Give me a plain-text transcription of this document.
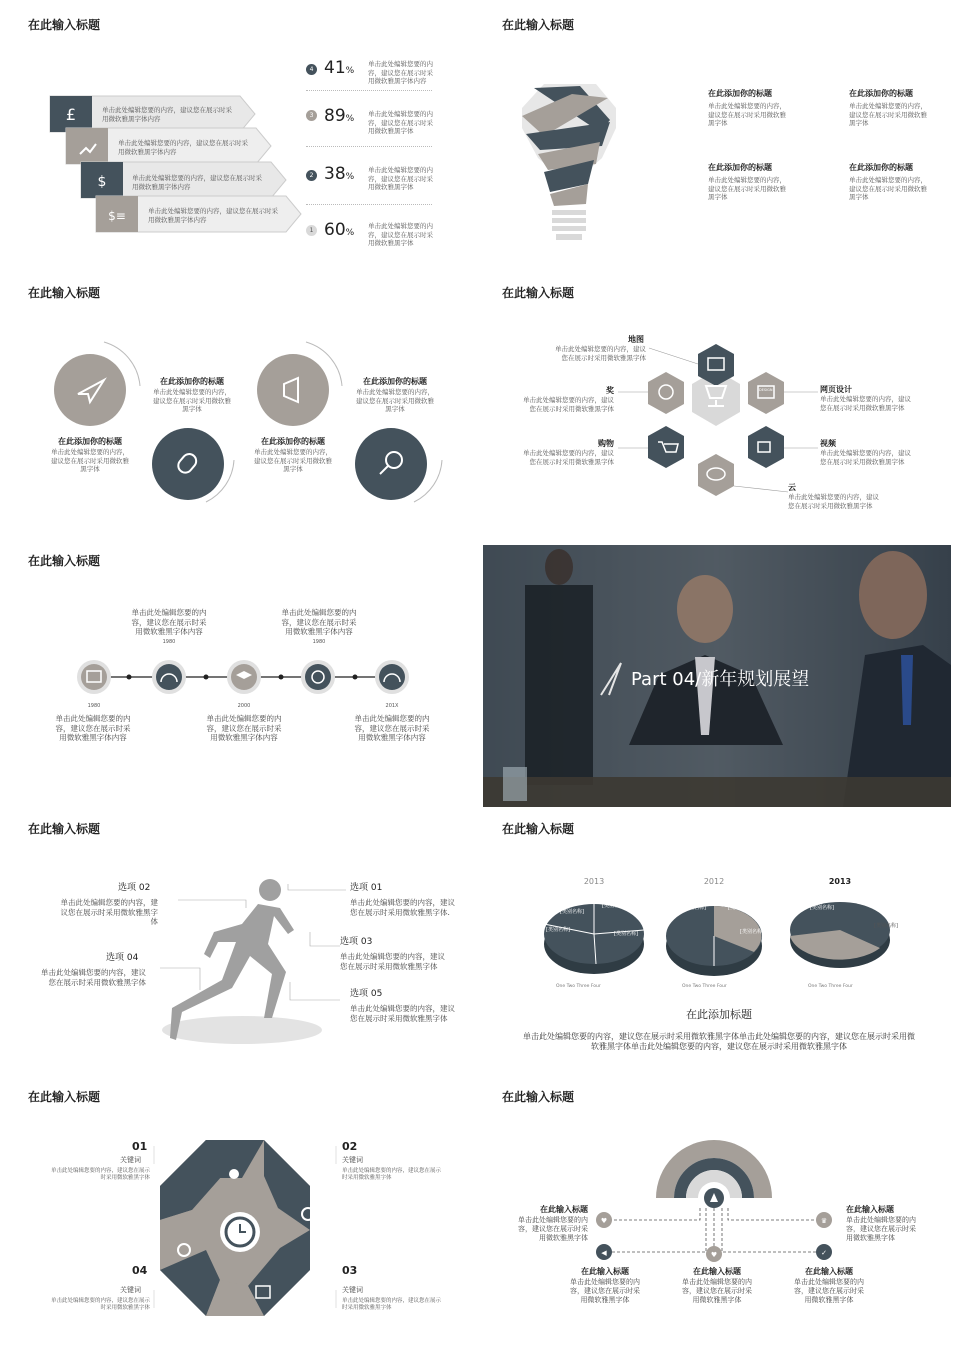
在此输入标题
£
$
$≡
单击此处编辑您要的内容，建议您在展示时采用微软雅黑字体内容
单击此处编辑您要的内容，建议您在展示时采用微软雅黑字体内容
单击此处编辑您要的内容，建议您在展示时采用微软雅黑字体内容
单击此处编辑您要的内容，建议您在展示时采用微软雅黑字体内容
4 41%
单击此处编辑您要的内容，建议您在展示时采用微软雅黑字体内容
3 89% 单击此处编辑您要的内容，建议您在展示时采用微软雅黑字体
2 38%
单击此处编辑您要的内容，建议您在展示时采用微软雅黑字体
1 60%
单击此处编辑您要的内容，建议您在展示时采用微软雅黑字体
在此输入标题
在此添加你的标题
单击此处编辑您要的内容，建议您在展示时采用微软雅黑字体
在此添加你的标题
单击此处编辑您要的内容，建议您在展示时采用微软雅黑字体
在此添加你的标题
单击此处编辑您要的内容，建议您在展示时采用微软雅黑字体
在此添加你的标题
单击此处编辑您要的内容，建议您在展示时采用微软雅黑字体
在此输入标题
在此添加你的标题
单击此处编辑您要的内容，建议您在展示时采用微软雅黑字体
在此添加你的标题
单击此处编辑您要的内容，建议您在展示时采用微软雅黑字体
在此添加你的标题
单击此处编辑您要的内容，建议您在展示时采用微软雅黑字体
在此添加你的标题
单击此处编辑您要的内容，建议您在展示时采用微软雅黑字体
在此输入标题
地图
单击此处编辑您要的内容，建议您在展示时采用微软雅黑字体
奖
单击此处编辑您要的内容，建议您在展示时采用微软雅黑字体
购物
单击此处编辑您要的内容，建议您在展示时采用微软雅黑字体
网页设计
单击此处编辑您要的内容，建议您在展示时采用微软雅黑字体
视频
单击此处编辑您要的内容，建议您在展示时采用微软雅黑字体
云
单击此处编辑您要的内容，建议您在展示时采用微软雅黑字体
DESIGN
在此输入标题
单击此处编辑您要的内容，建议您在展示时采用微软雅黑字体内容
1980
单击此处编辑您要的内容，建议您在展示时采用微软雅黑字体内容
1980
1980
单击此处编辑您要的内容，建议您在展示时采用微软雅黑字体内容
2000
单击此处编辑您要的内容，建议您在展示时采用微软雅黑字体内容
201X
单击此处编辑您要的内容，建议您在展示时采用微软雅黑字体内容
Part 04/新年规划展望
在此输入标题
选项 02
单击此处编辑您要的内容，建议您在展示时采用微软雅黑字体
选项 04
单击此处编辑您要的内容，建议您在展示时采用微软雅黑字体
选项 01
单击此处编辑您要的内容，建议您在展示时采用微软雅黑字体.
选项 03
单击此处编辑您要的内容，建议您在展示时采用微软雅黑字体
选项 05
单击此处编辑您要的内容，建议您在展示时采用微软雅黑字体
在此输入标题
2013	2012	2013
[类别名称]
[类别名称]
[类别名称]
[类别名称]
[类别名称]	[类别名称]
[类别名称]
[类别名称]
[类别名称]
One Two Three Four	One Two Three Four	One Two Three Four
在此添加标题
单击此处编辑您要的内容，建议您在展示时采用微软雅黑字体单击此处编辑您要的内容，建议您在展示时采用微软雅黑字体单击此处编辑您要的内容，建议您在展示时采用微软雅黑字体
在此输入标题
01
关键词
单击此处编辑您要的内容，建议您在展示时采用微软雅黑字体
02
关键词
单击此处编辑您要的内容，建议您在展示时采用微软雅黑字体
03
关键词
单击此处编辑您要的内容，建议您在展示时采用微软雅黑字体
04
关键词
单击此处编辑您要的内容，建议您在展示时采用微软雅黑字体
在此输入标题
♥	♛
◀	♥	✓
在此输入标题
单击此处编辑您要的内容，建议您在展示时采用微软雅黑字体
在此输入标题
单击此处编辑您要的内容，建议您在展示时采用微软雅黑字体
在此输入标题
单击此处编辑您要的内容，建议您在展示时采用微软雅黑字体
在此输入标题
单击此处编辑您要的内容，建议您在展示时采用微软雅黑字体
在此输入标题
单击此处编辑您要的内容，建议您在展示时采用微软雅黑字体
